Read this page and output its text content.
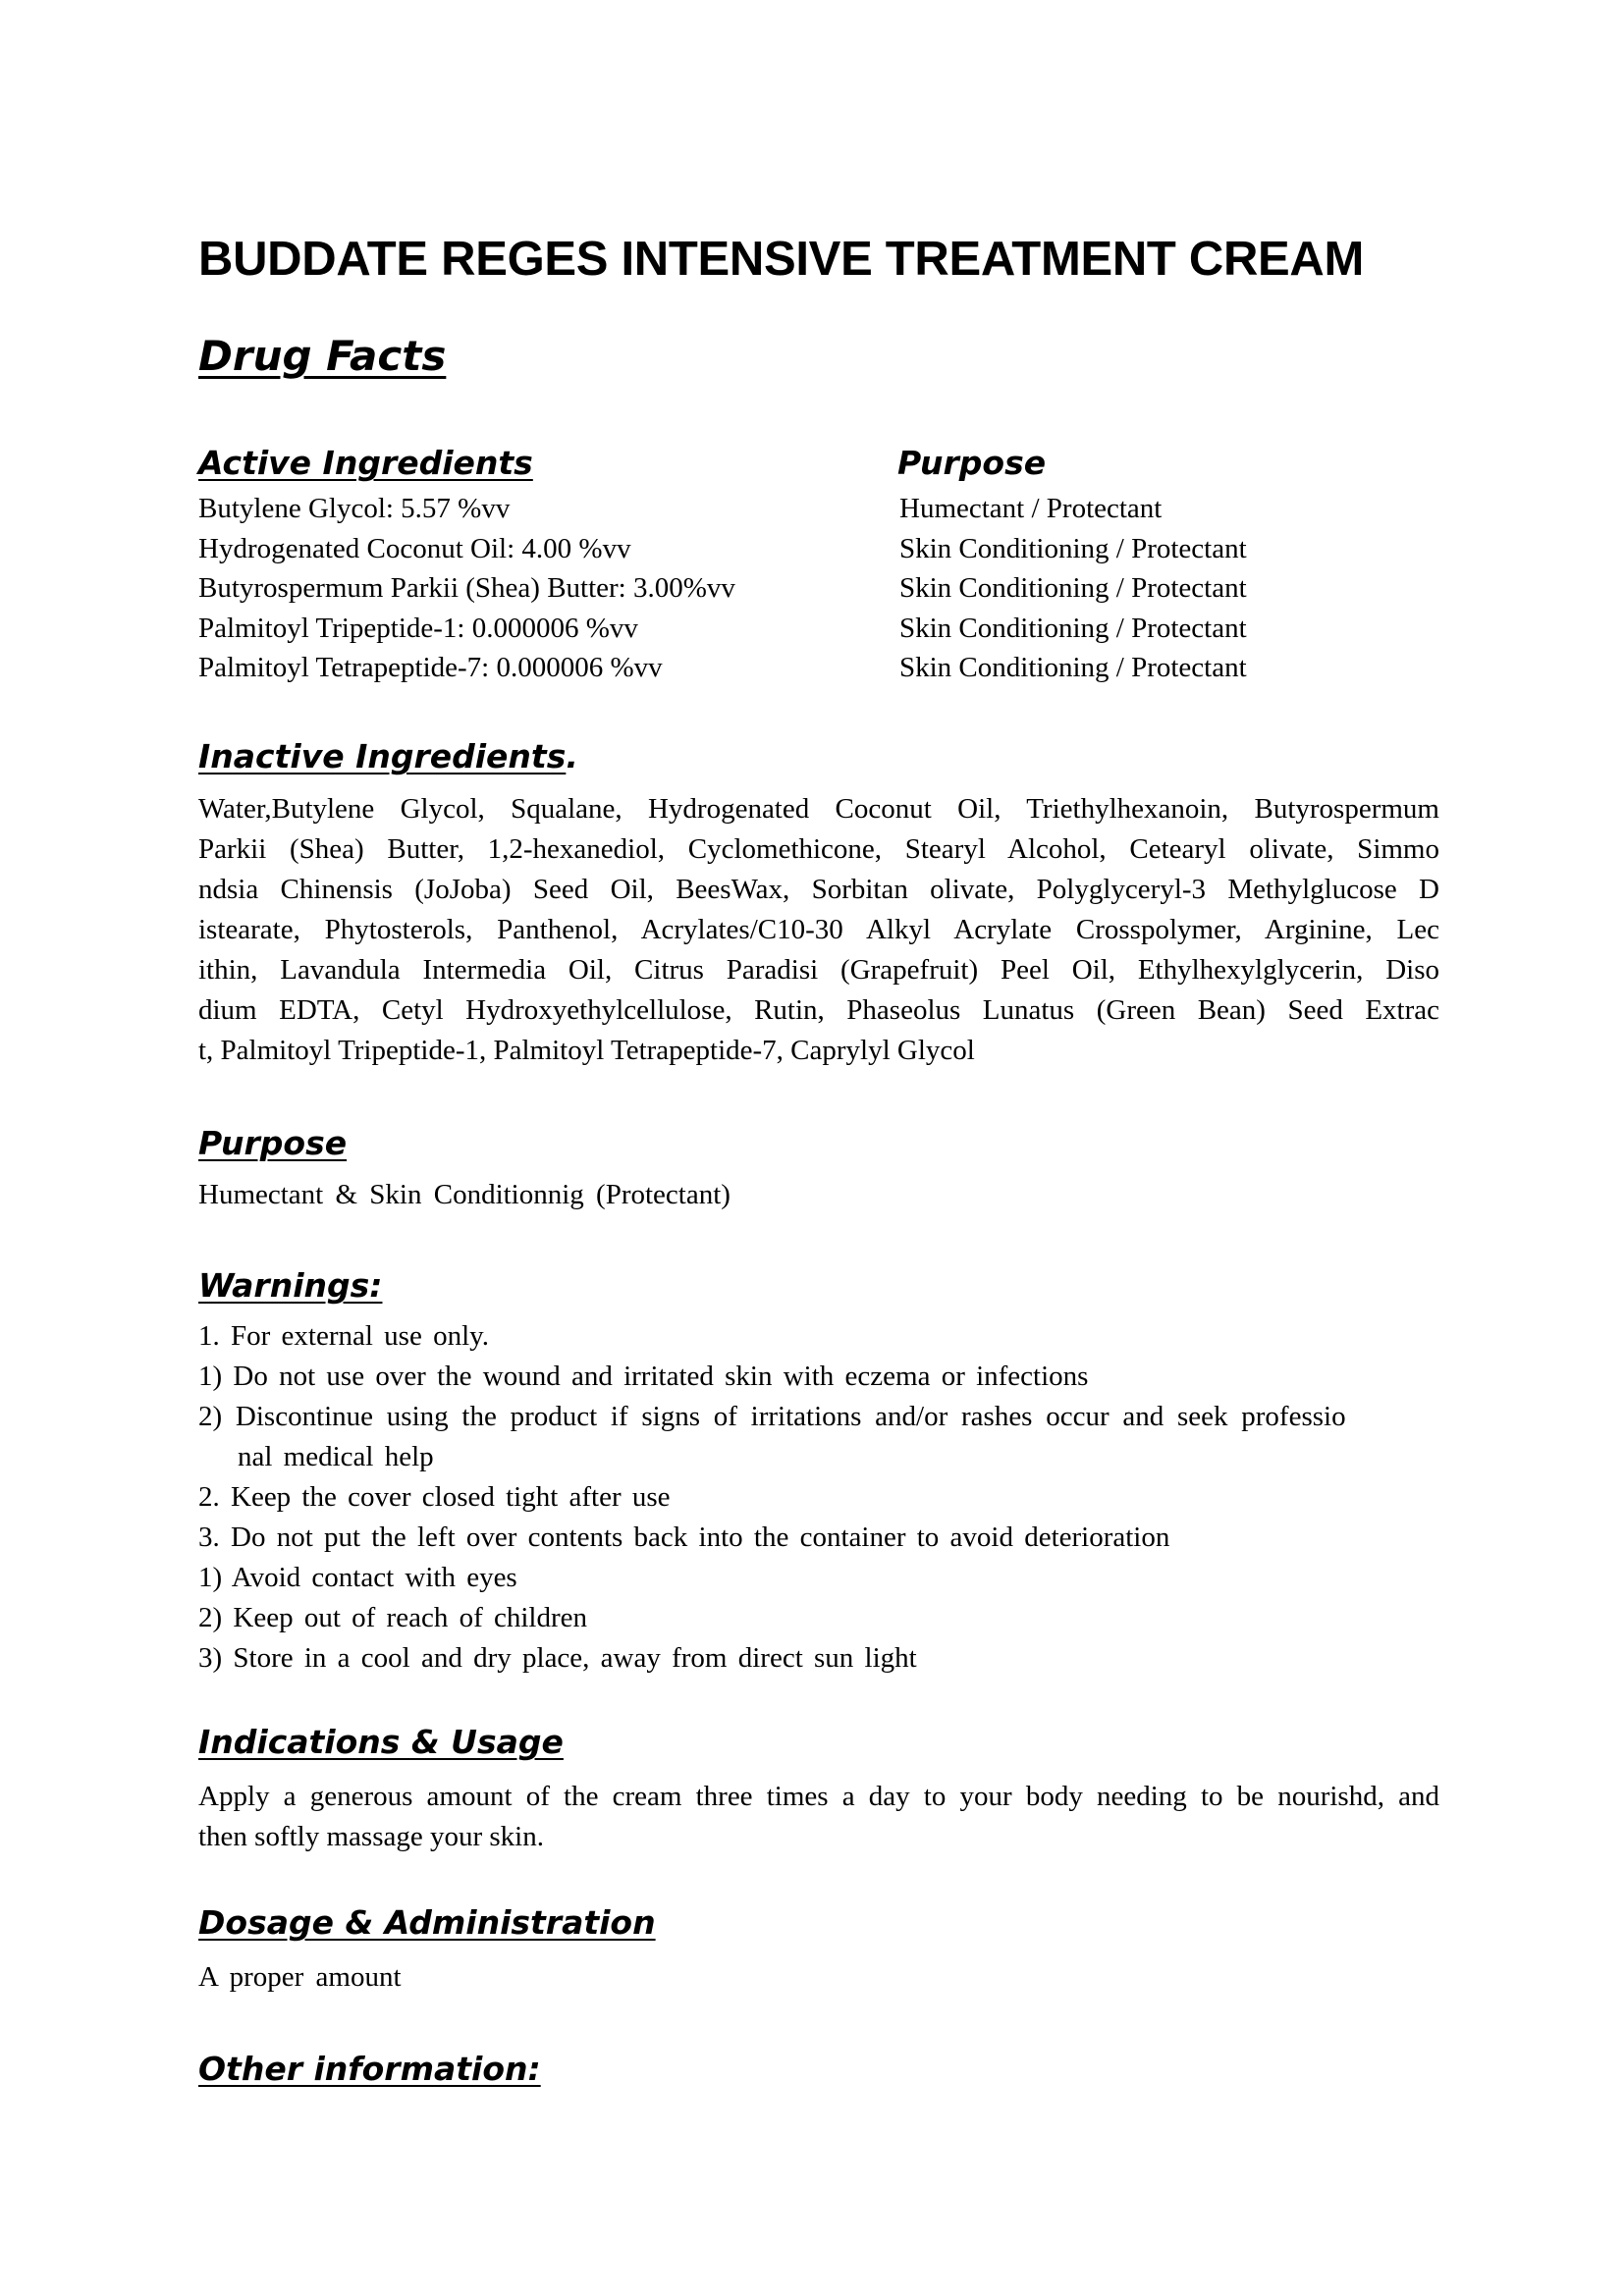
BUDDATE REGES INTENSIVE TREATMENT CREAM
Drug Facts
Active Ingredients	Purpose
Butylene Glycol: 5.57 %vv
Hydrogenated Coconut Oil: 4.00 %vv
Butyrospermum Parkii (Shea) Butter: 3.00%vv
Palmitoyl Tripeptide-1: 0.000006 %vv
Palmitoyl Tetrapeptide-7: 0.000006 %vv
Humectant / Protectant
Skin Conditioning / Protectant
Skin Conditioning / Protectant
Skin Conditioning / Protectant
Skin Conditioning / Protectant
Inactive Ingredients.
Water,Butylene Glycol, Squalane, Hydrogenated Coconut Oil, Triethylhexanoin, Butyrospermum
Parkii (Shea) Butter, 1,2-hexanediol, Cyclomethicone, Stearyl Alcohol, Cetearyl olivate, Simmo
ndsia Chinensis (JoJoba) Seed Oil, BeesWax, Sorbitan olivate, Polyglyceryl-3 Methylglucose D
istearate, Phytosterols, Panthenol, Acrylates/C10-30 Alkyl Acrylate Crosspolymer, Arginine, Lec
ithin, Lavandula Intermedia Oil, Citrus Paradisi (Grapefruit) Peel Oil, Ethylhexylglycerin, Diso
dium EDTA, Cetyl Hydroxyethylcellulose, Rutin, Phaseolus Lunatus (Green Bean) Seed Extrac
t, Palmitoyl Tripeptide-1, Palmitoyl Tetrapeptide-7, Caprylyl Glycol
Purpose

Humectant & Skin Conditionnig (Protectant)

Warnings:
1. For external use only.
1) Do not use over the wound and irritated skin with eczema or infections
2) Discontinue using the product if signs of irritations and/or rashes occur and seek professio
nal medical help
2. Keep the cover closed tight after use
3. Do not put the left over contents back into the container to avoid deterioration
1) Avoid contact with eyes
2) Keep out of reach of children
3) Store in a cool and dry place, away from direct sun light
Indications & Usage
Apply a generous amount of the cream three times a day to your body needing to be nourishd, and
then softly massage your skin.
Dosage & Administration

A proper amount

Other information:
